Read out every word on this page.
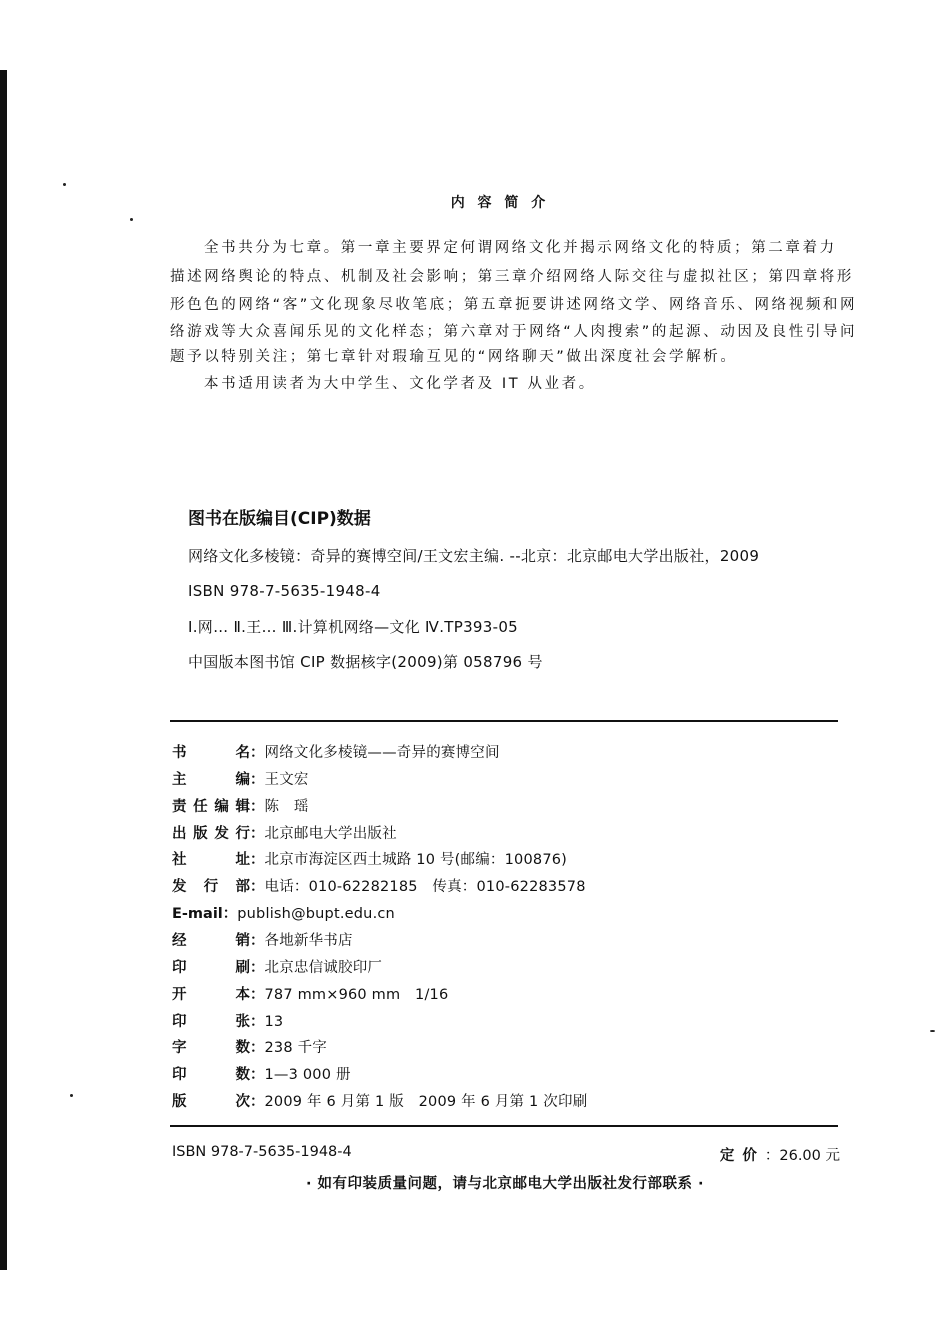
内 容 简 介
全书共分为七章。第一章主要界定何谓网络文化并揭示网络文化的特质；第二章着力
描述网络舆论的特点、机制及社会影响；第三章介绍网络人际交往与虚拟社区；第四章将形
形色色的网络“客”文化现象尽收笔底；第五章扼要讲述网络文学、网络音乐、网络视频和网
络游戏等大众喜闻乐见的文化样态；第六章对于网络“人肉搜索”的起源、动因及良性引导问
题予以特别关注；第七章针对瑕瑜互见的“网络聊天”做出深度社会学解析。
本书适用读者为大中学生、文化学者及 IT 从业者。
图书在版编目(CIP)数据
网络文化多棱镜：奇异的赛博空间/王文宏主编. --北京：北京邮电大学出版社，2009
ISBN 978-7-5635-1948-4
Ⅰ.网… Ⅱ.王… Ⅲ.计算机网络—文化 Ⅳ.TP393-05
中国版本图书馆 CIP 数据核字(2009)第 058796 号
书名：网络文化多棱镜——奇异的赛博空间
主编：王文宏
责任编辑：陈　瑶
出版发行：北京邮电大学出版社
社址：北京市海淀区西土城路 10 号(邮编：100876)
发行部：电话：010-62282185　传真：010-62283578
E-mail：publish@bupt.edu.cn
经销：各地新华书店
印刷：北京忠信诚胶印厂
开本：787 mm×960 mm　1/16
印张：13
字数：238 千字
印数：1—3 000 册
版次：2009 年 6 月第 1 版　2009 年 6 月第 1 次印刷
ISBN 978-7-5635-1948-4	定价：26.00 元
· 如有印装质量问题，请与北京邮电大学出版社发行部联系 ·
